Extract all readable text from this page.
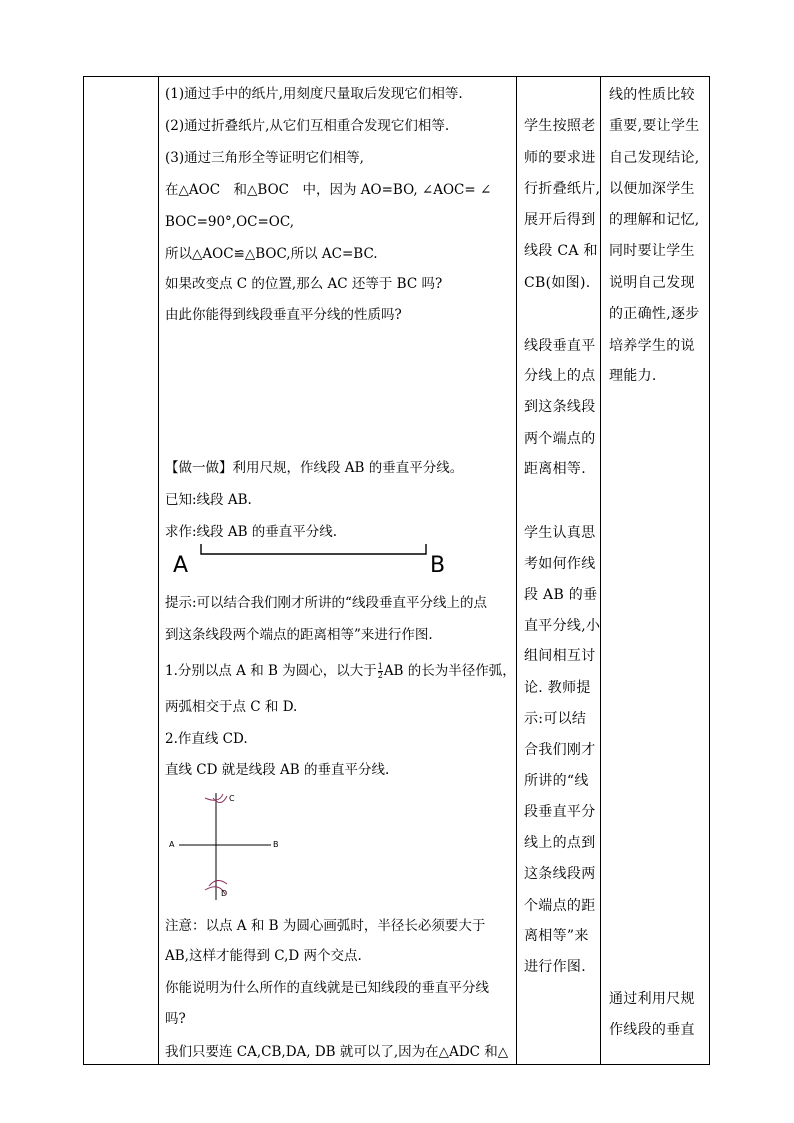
(1)通过手中的纸片,用刻度尺量取后发现它们相等.

(2)通过折叠纸片,从它们互相重合发现它们相等.

(3)通过三角形全等证明它们相等,

在△AOC　和△BOC　中，因为 AO=BO, ∠AOC= ∠

BOC=90°,OC=OC,

所以△AOC≌△BOC,所以 AC=BC.

如果改变点 C 的位置,那么 AC 还等于 BC 吗?

由此你能得到线段垂直平分线的性质吗?

【做一做】利用尺规，作线段 AB 的垂直平分线。

已知:线段 AB.

求作:线段 AB 的垂直平分线.

提示:可以结合我们刚才所讲的“线段垂直平分线上的点

到这条线段两个端点的距离相等”来进行作图.

1.分别以点 A 和 B 为圆心，以大于 $\frac{1}{2}$ AB 的长为半径作弧，

两弧相交于点 C 和 D.

2.作直线 CD.

直线 CD 就是线段 AB 的垂直平分线.

注意：以点 A 和 B 为圆心画弧时，半径长必须要大于

AB,这样才能得到 C,D 两个交点.

你能说明为什么所作的直线就是已知线段的垂直平分线

吗?

我们只要连 CA,CB,DA, DB 就可以了,因为在△ADC 和△

A	B
A	B
C
D
学生按照老
师的要求进
行折叠纸片,
展开后得到
线段 CA 和
CB(如图).
线段垂直平
分线上的点
到这条线段
两个端点的
距离相等.
学生认真思
考如何作线
段 AB 的垂
直平分线,小
组间相互讨
论. 教师提
示:可以结
合我们刚才
所讲的“线
段垂直平分
线上的点到
这条线段两
个端点的距
离相等”来
进行作图.
线的性质比较
重要,要让学生
自己发现结论,
以便加深学生
的理解和记忆,
同时要让学生
说明自己发现
的正确性,逐步
培养学生的说
理能力.
通过利用尺规
作线段的垂直
